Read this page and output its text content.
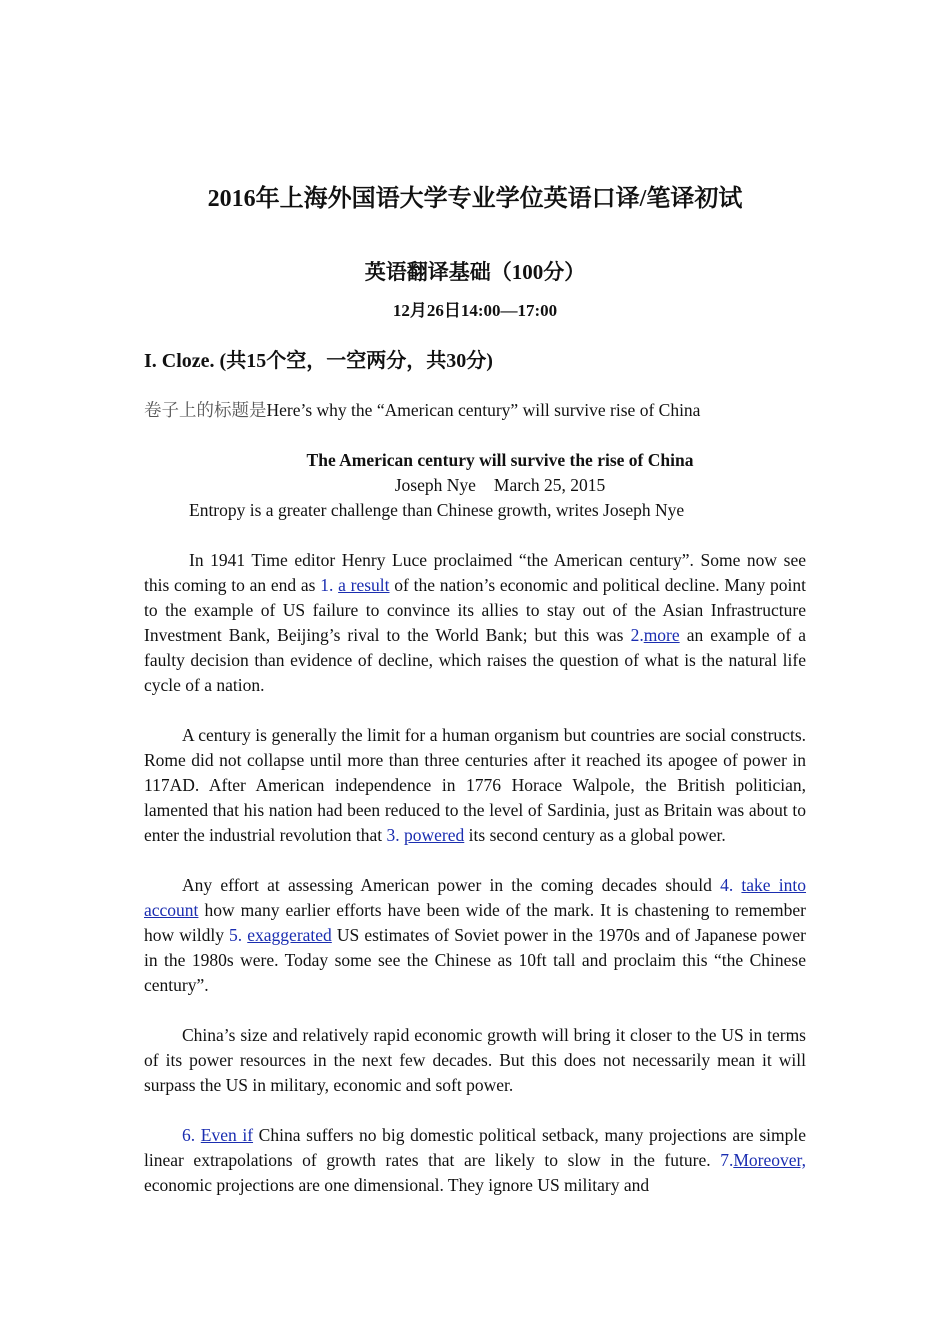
2016年上海外国语大学专业学位英语口译/笔译初试
英语翻译基础（100分）
12月26日14:00—17:00
I. Cloze. (共15个空，一空两分，共30分)
卷子上的标题是Here’s why the “American century” will survive rise of China
The American century will survive the rise of China
Joseph Nye March 25, 2015
Entropy is a greater challenge than Chinese growth, writes Joseph Nye

In 1941 Time editor Henry Luce proclaimed “the American century”. Some now see this coming to an end as 1. a result of the nation’s economic and political decline. Many point to the example of US failure to convince its allies to stay out of the Asian Infrastructure Investment Bank, Beijing’s rival to the World Bank; but this was 2.more an example of a faulty decision than evidence of decline, which raises the question of what is the natural life cycle of a nation.

A century is generally the limit for a human organism but countries are social constructs. Rome did not collapse until more than three centuries after it reached its apogee of power in 117AD. After American independence in 1776 Horace Walpole, the British politician, lamented that his nation had been reduced to the level of Sardinia, just as Britain was about to enter the industrial revolution that 3. powered its second century as a global power.

Any effort at assessing American power in the coming decades should 4. take into account how many earlier efforts have been wide of the mark. It is chastening to remember how wildly 5. exaggerated US estimates of Soviet power in the 1970s and of Japanese power in the 1980s were. Today some see the Chinese as 10ft tall and proclaim this “the Chinese century”.

China’s size and relatively rapid economic growth will bring it closer to the US in terms of its power resources in the next few decades. But this does not necessarily mean it will surpass the US in military, economic and soft power.

6. Even if China suffers no big domestic political setback, many projections are simple linear extrapolations of growth rates that are likely to slow in the future. 7.Moreover, economic projections are one dimensional. They ignore US military and
